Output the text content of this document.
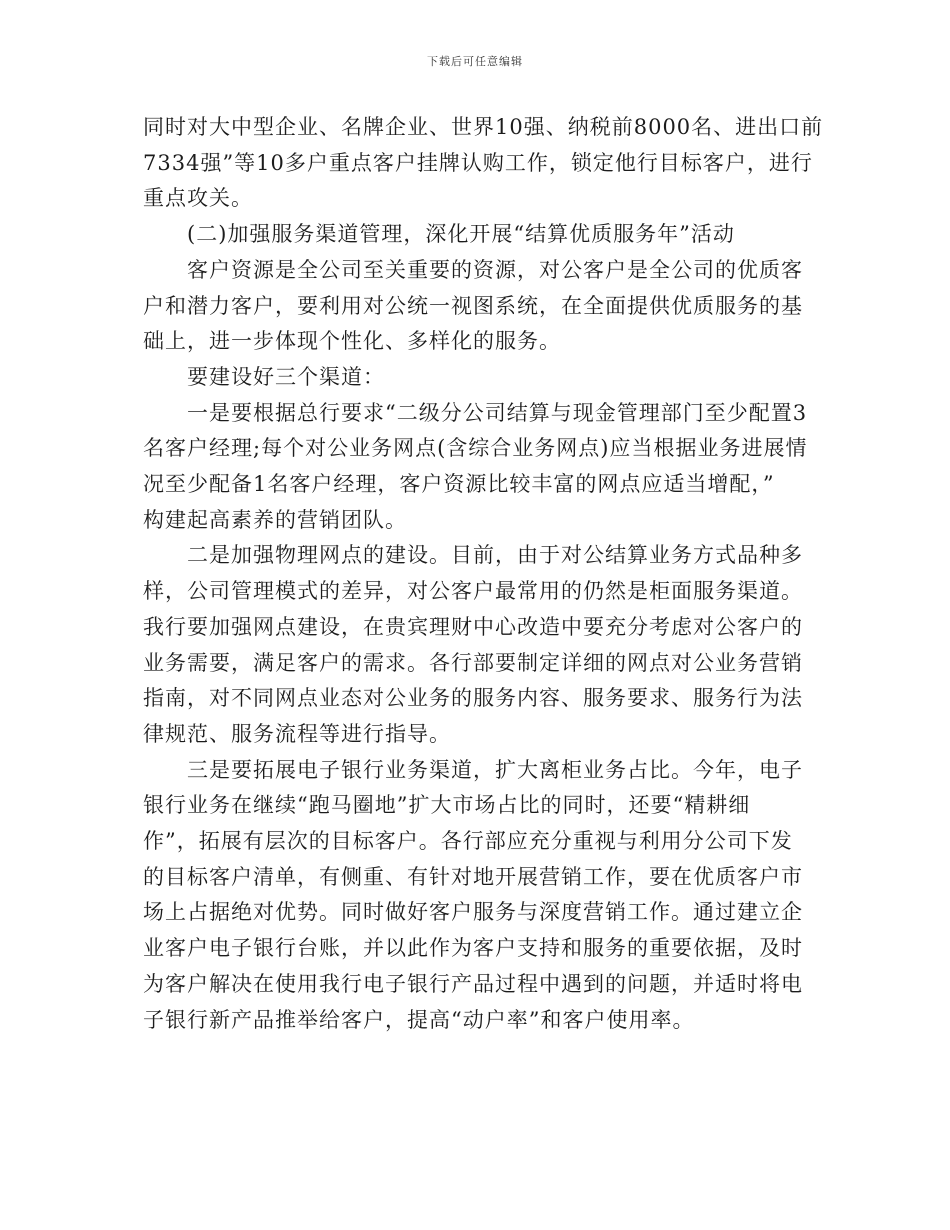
下载后可任意编辑
同时对大中型企业、名牌企业、世界10强、纳税前8000名、进出口前
7334强”等10多户重点客户挂牌认购工作，锁定他行目标客户，进行
重点攻关。
(二)加强服务渠道管理，深化开展“结算优质服务年”活动
客户资源是全公司至关重要的资源，对公客户是全公司的优质客
户和潜力客户，要利用对公统一视图系统，在全面提供优质服务的基
础上，进一步体现个性化、多样化的服务。
要建设好三个渠道：
一是要根据总行要求“二级分公司结算与现金管理部门至少配置3
名客户经理;每个对公业务网点(含综合业务网点)应当根据业务进展情
况至少配备1名客户经理，客户资源比较丰富的网点应适当增配，”
构建起高素养的营销团队。
二是加强物理网点的建设。目前，由于对公结算业务方式品种多
样，公司管理模式的差异，对公客户最常用的仍然是柜面服务渠道。
我行要加强网点建设，在贵宾理财中心改造中要充分考虑对公客户的
业务需要，满足客户的需求。各行部要制定详细的网点对公业务营销
指南，对不同网点业态对公业务的服务内容、服务要求、服务行为法
律规范、服务流程等进行指导。
三是要拓展电子银行业务渠道，扩大离柜业务占比。今年，电子
银行业务在继续“跑马圈地”扩大市场占比的同时，还要“精耕细
作”，拓展有层次的目标客户。各行部应充分重视与利用分公司下发
的目标客户清单，有侧重、有针对地开展营销工作，要在优质客户市
场上占据绝对优势。同时做好客户服务与深度营销工作。通过建立企
业客户电子银行台账，并以此作为客户支持和服务的重要依据，及时
为客户解决在使用我行电子银行产品过程中遇到的问题，并适时将电
子银行新产品推举给客户，提高“动户率”和客户使用率。
